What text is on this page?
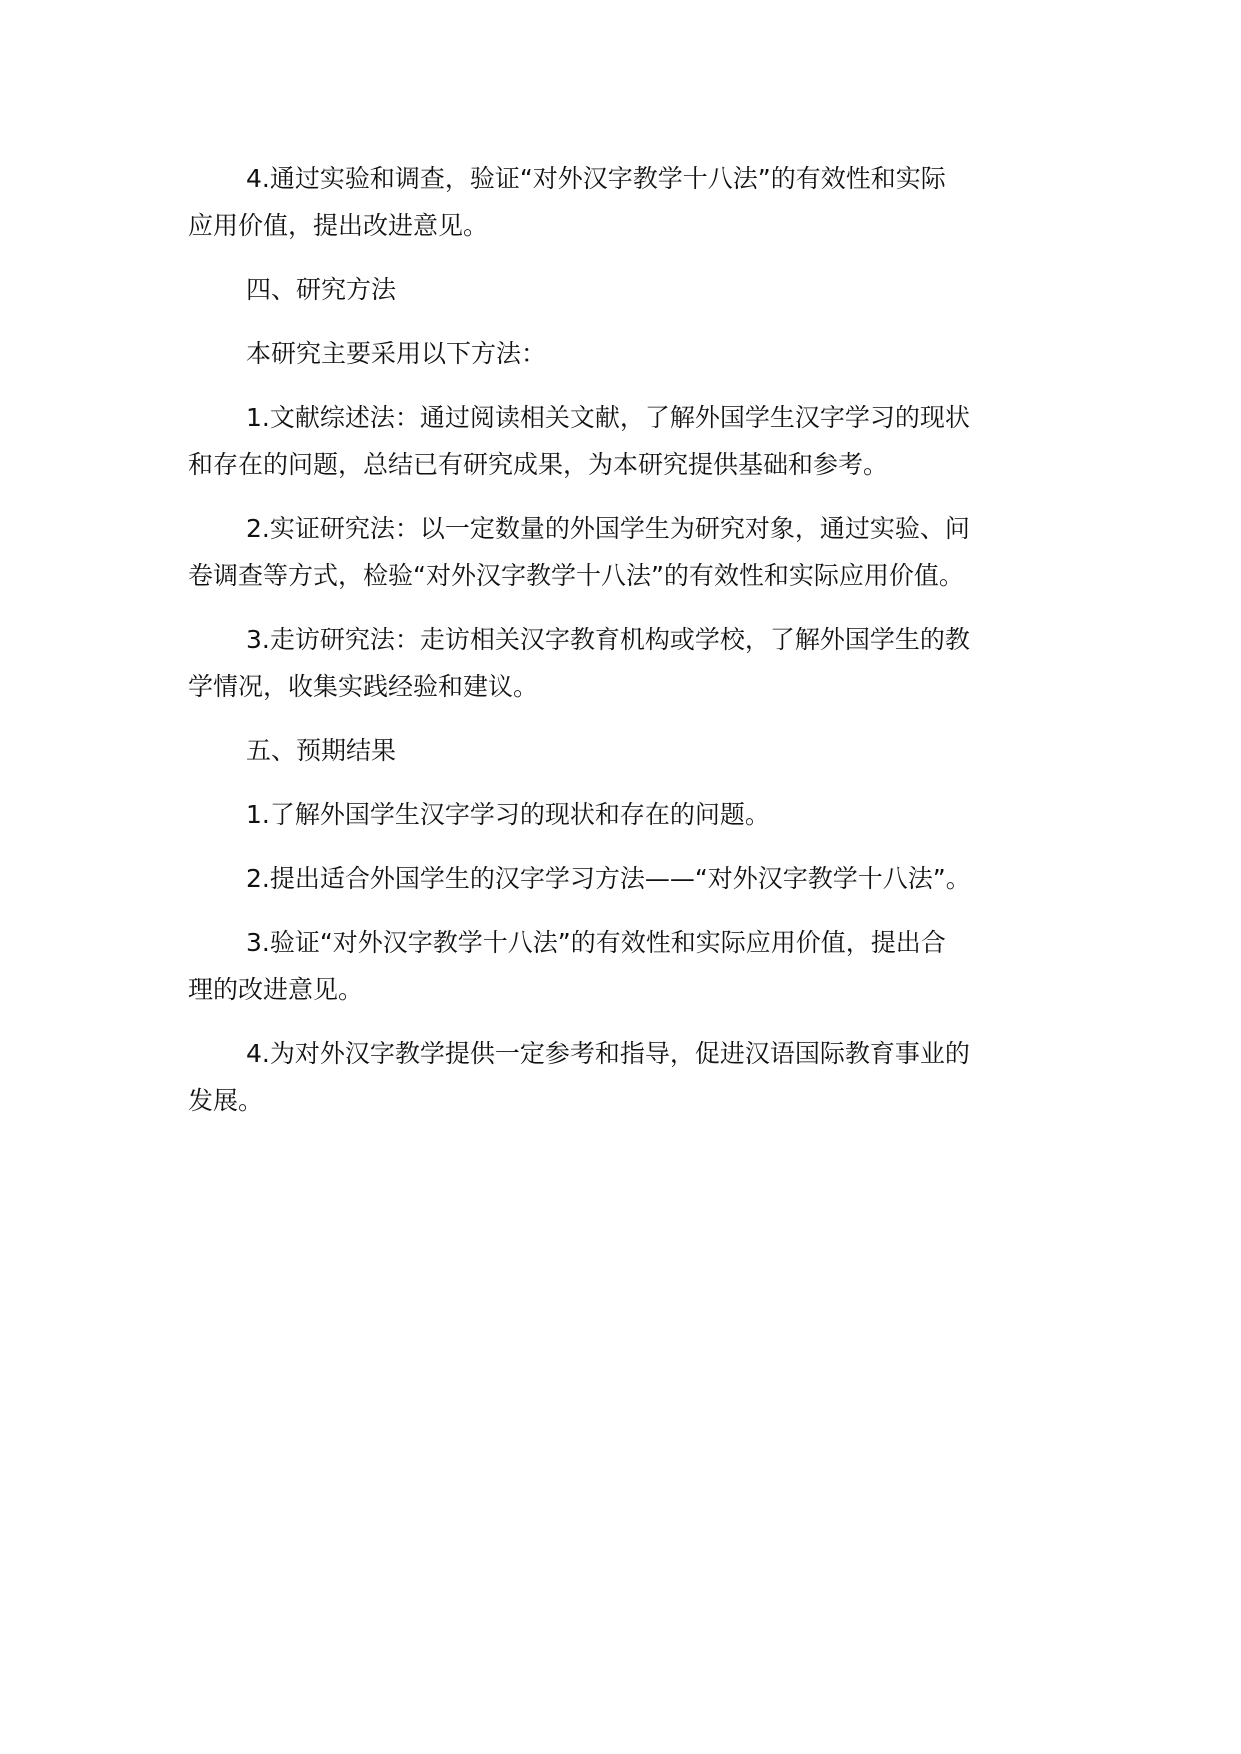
4.通过实验和调查，验证“对外汉字教学十八法”的有效性和实际
应用价值，提出改进意见。

四、研究方法

本研究主要采用以下方法：

1.文献综述法：通过阅读相关文献，了解外国学生汉字学习的现状
和存在的问题，总结已有研究成果，为本研究提供基础和参考。

2.实证研究法：以一定数量的外国学生为研究对象，通过实验、问
卷调查等方式，检验“对外汉字教学十八法”的有效性和实际应用价值。

3.走访研究法：走访相关汉字教育机构或学校，了解外国学生的教
学情况，收集实践经验和建议。

五、预期结果

1.了解外国学生汉字学习的现状和存在的问题。

2.提出适合外国学生的汉字学习方法——“对外汉字教学十八法”。

3.验证“对外汉字教学十八法”的有效性和实际应用价值，提出合
理的改进意见。

4.为对外汉字教学提供一定参考和指导，促进汉语国际教育事业的
发展。
